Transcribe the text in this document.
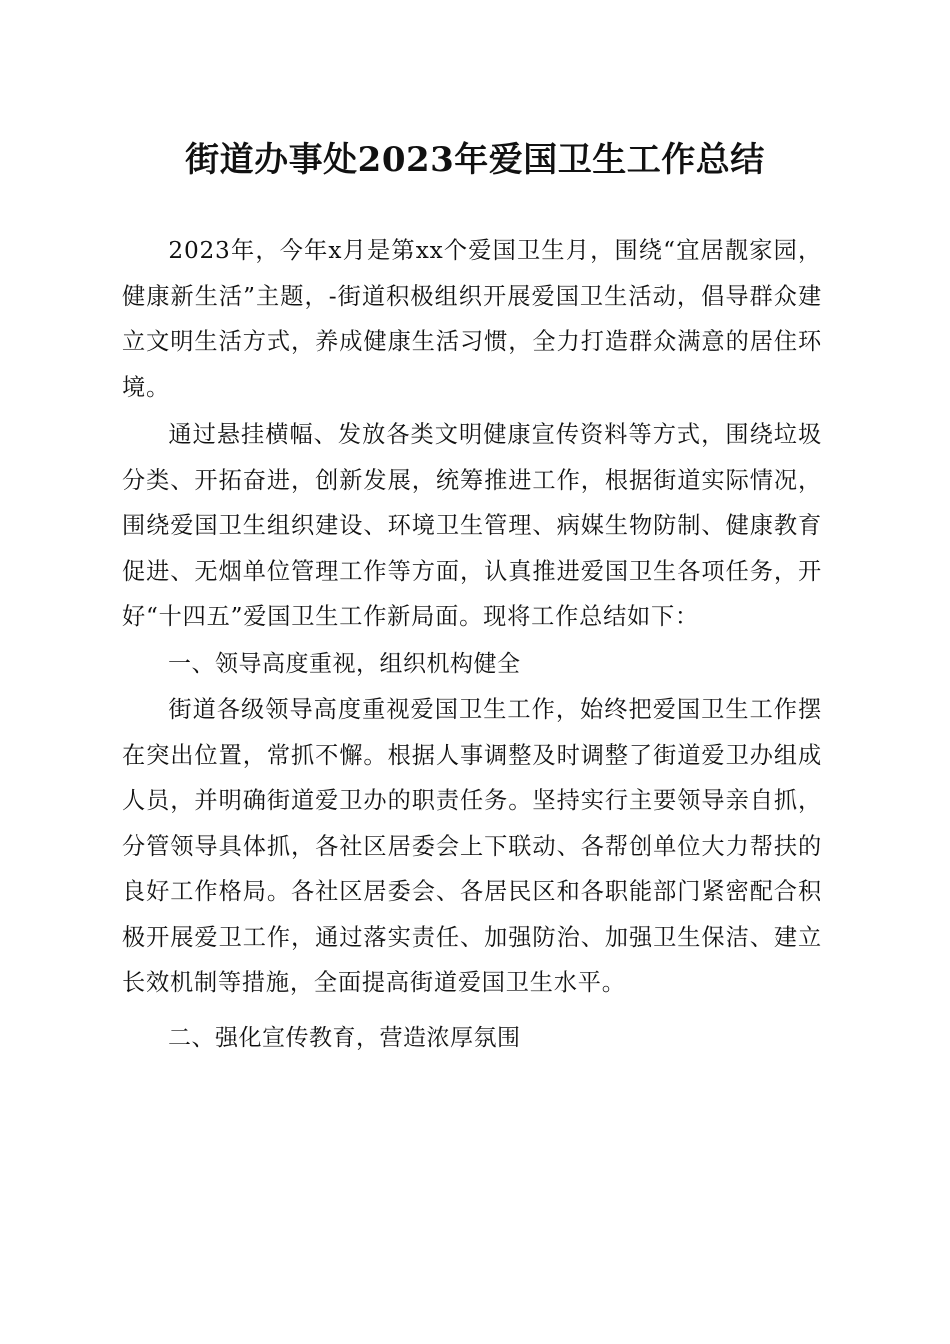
街道办事处2023年爱国卫生工作总结

2023年，今年x月是第xx个爱国卫生月，围绕“宜居靓家园，健康新生活”主题，-街道积极组织开展爱国卫生活动，倡导群众建立文明生活方式，养成健康生活习惯，全力打造群众满意的居住环境。

通过悬挂横幅、发放各类文明健康宣传资料等方式，围绕垃圾分类、开拓奋进，创新发展，统筹推进工作，根据街道实际情况，围绕爱国卫生组织建设、环境卫生管理、病媒生物防制、健康教育促进、无烟单位管理工作等方面，认真推进爱国卫生各项任务，开好“十四五”爱国卫生工作新局面。现将工作总结如下：

一、领导高度重视，组织机构健全

街道各级领导高度重视爱国卫生工作，始终把爱国卫生工作摆在突出位置，常抓不懈。根据人事调整及时调整了街道爱卫办组成人员，并明确街道爱卫办的职责任务。坚持实行主要领导亲自抓，分管领导具体抓，各社区居委会上下联动、各帮创单位大力帮扶的良好工作格局。各社区居委会、各居民区和各职能部门紧密配合积极开展爱卫工作，通过落实责任、加强防治、加强卫生保洁、建立长效机制等措施，全面提高街道爱国卫生水平。

二、强化宣传教育，营造浓厚氛围
